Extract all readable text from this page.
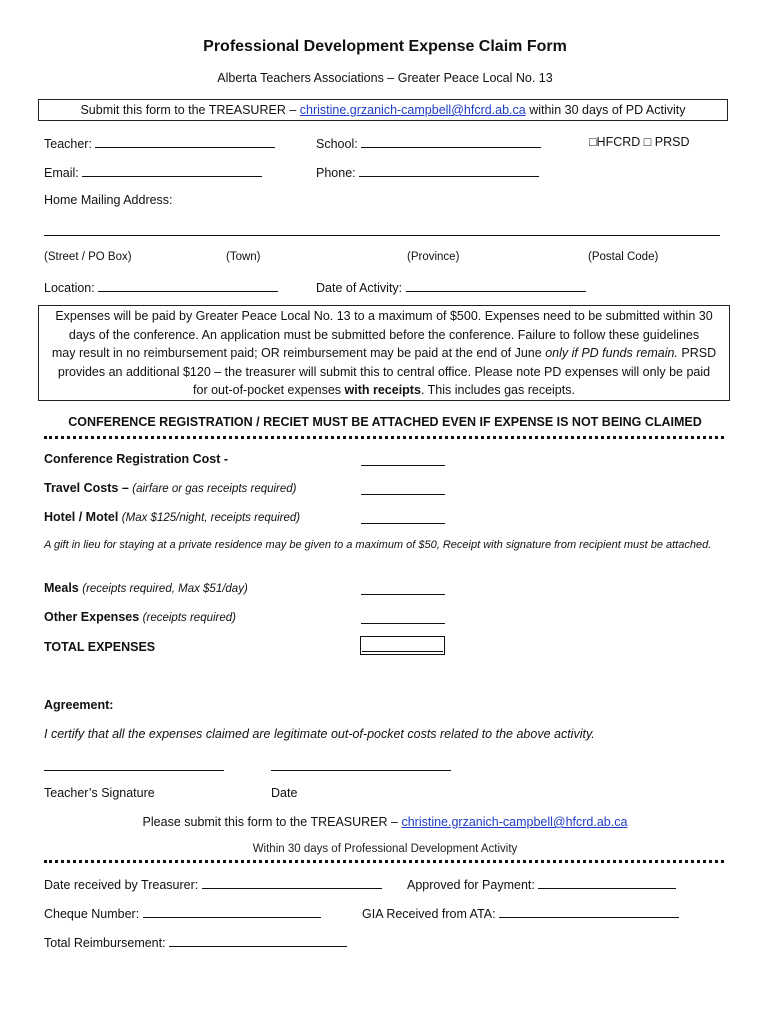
Professional Development Expense Claim Form
Alberta Teachers Associations – Greater Peace Local No. 13
Submit this form to the TREASURER – christine.grzanich-campbell@hfcrd.ab.ca within 30 days of PD Activity
Teacher:	School:	□HFCRD □ PRSD
Email:	Phone:
Home Mailing Address:
(Street / PO Box)	(Town)	(Province)	(Postal Code)
Location:	Date of Activity:
Expenses will be paid by Greater Peace Local No. 13 to a maximum of $500. Expenses need to be submitted within 30
days of the conference. An application must be submitted before the conference. Failure to follow these guidelines
may result in no reimbursement paid; OR reimbursement may be paid at the end of June only if PD funds remain. PRSD
provides an additional $120 – the treasurer will submit this to central office. Please note PD expenses will only be paid
for out-of-pocket expenses with receipts. This includes gas receipts.
CONFERENCE REGISTRATION / RECIET MUST BE ATTACHED EVEN IF EXPENSE IS NOT BEING CLAIMED
Conference Registration Cost -
Travel Costs – (airfare or gas receipts required)
Hotel / Motel (Max $125/night, receipts required)
A gift in lieu for staying at a private residence may be given to a maximum of $50, Receipt with signature from recipient must be attached.
Meals (receipts required, Max $51/day)
Other Expenses (receipts required)
TOTAL EXPENSES
Agreement:
I certify that all the expenses claimed are legitimate out-of-pocket costs related to the above activity.
Teacher’s Signature	Date
Please submit this form to the TREASURER – christine.grzanich-campbell@hfcrd.ab.ca
Within 30 days of Professional Development Activity
Date received by Treasurer:	Approved for Payment:
Cheque Number:	GIA Received from ATA:
Total Reimbursement:
